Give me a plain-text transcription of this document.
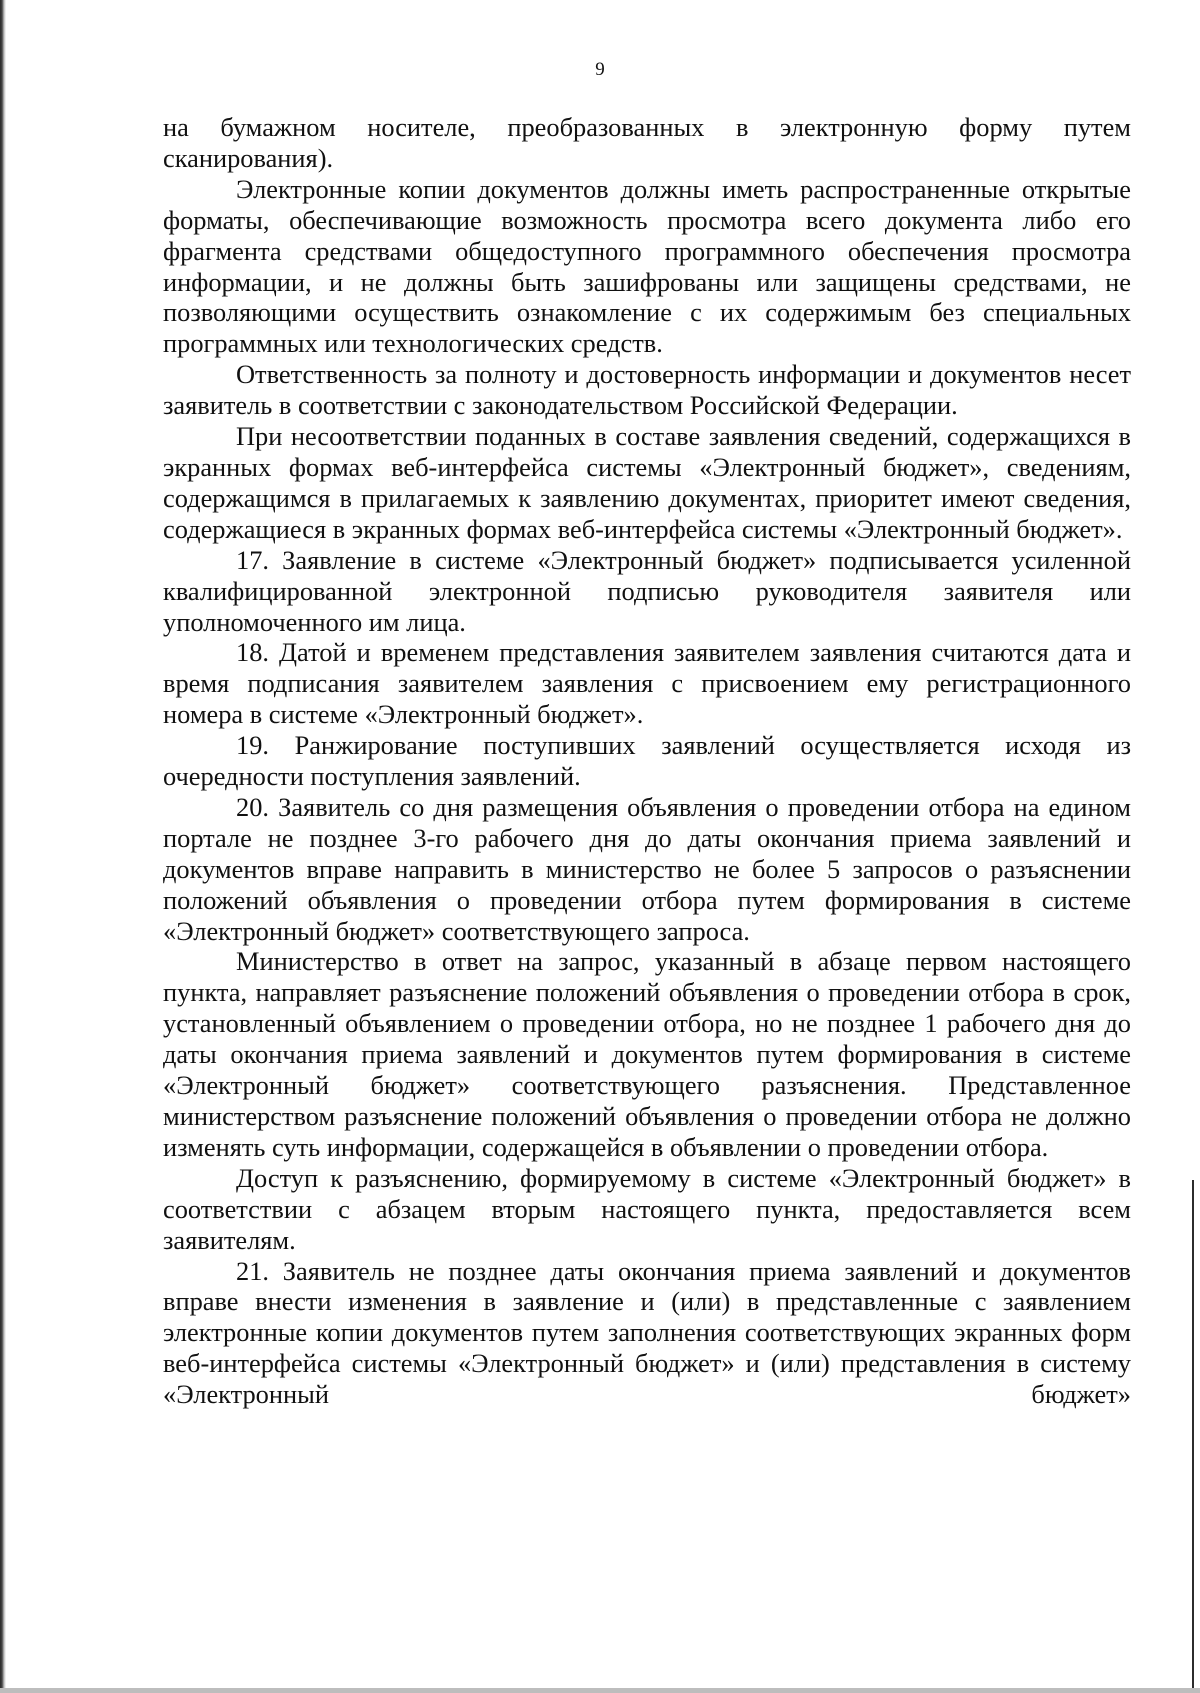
9

на бумажном носителе, преобразованных в электронную форму путем сканирования).

Электронные копии документов должны иметь распространенные открытые форматы, обеспечивающие возможность просмотра всего документа либо его фрагмента средствами общедоступного программного обеспечения просмотра информации, и не должны быть зашифрованы или защищены средствами, не позволяющими осуществить ознакомление с их содержимым без специальных программных или технологических средств.

Ответственность за полноту и достоверность информации и документов несет заявитель в соответствии с законодательством Российской Федерации.

При несоответствии поданных в составе заявления сведений, содержащихся в экранных формах веб-интерфейса системы «Электронный бюджет», сведениям, содержащимся в прилагаемых к заявлению документах, приоритет имеют сведения, содержащиеся в экранных формах веб-интерфейса системы «Электронный бюджет».

17. Заявление в системе «Электронный бюджет» подписывается усиленной квалифицированной электронной подписью руководителя заявителя или уполномоченного им лица.

18. Датой и временем представления заявителем заявления считаются дата и время подписания заявителем заявления с присвоением ему регистрационного номера в системе «Электронный бюджет».

19. Ранжирование поступивших заявлений осуществляется исходя из очередности поступления заявлений.

20. Заявитель со дня размещения объявления о проведении отбора на едином портале не позднее 3-го рабочего дня до даты окончания приема заявлений и документов вправе направить в министерство не более 5 запросов о разъяснении положений объявления о проведении отбора путем формирования в системе «Электронный бюджет» соответствующего запроса.

Министерство в ответ на запрос, указанный в абзаце первом настоящего пункта, направляет разъяснение положений объявления о проведении отбора в срок, установленный объявлением о проведении отбора, но не позднее 1 рабочего дня до даты окончания приема заявлений и документов путем формирования в системе «Электронный бюджет» соответствующего разъяснения. Представленное министерством разъяснение положений объявления о проведении отбора не должно изменять суть информации, содержащейся в объявлении о проведении отбора.

Доступ к разъяснению, формируемому в системе «Электронный бюджет» в соответствии с абзацем вторым настоящего пункта, предоставляется всем заявителям.

21. Заявитель не позднее даты окончания приема заявлений и документов вправе внести изменения в заявление и (или) в представленные с заявлением электронные копии документов путем заполнения соответствующих экранных форм веб-интерфейса системы «Электронный бюджет» и (или) представления в систему «Электронный бюджет»
